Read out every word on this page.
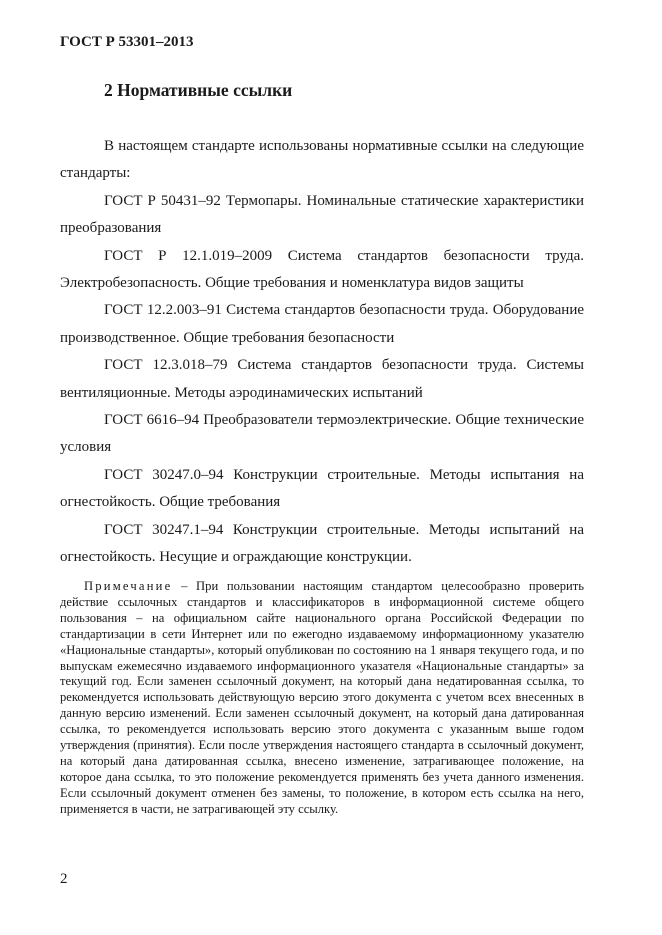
ГОСТ Р 53301–2013
2 Нормативные ссылки

В настоящем стандарте использованы нормативные ссылки на следующие стандарты:

ГОСТ Р 50431–92 Термопары. Номинальные статические характеристики преобразования

ГОСТ Р 12.1.019–2009 Система стандартов безопасности труда. Электробезопасность. Общие требования и номенклатура видов защиты

ГОСТ 12.2.003–91 Система стандартов безопасности труда. Оборудование производственное. Общие требования безопасности

ГОСТ 12.3.018–79 Система стандартов безопасности труда. Системы вентиляционные. Методы аэродинамических испытаний

ГОСТ 6616–94 Преобразователи термоэлектрические. Общие технические условия

ГОСТ 30247.0–94 Конструкции строительные. Методы испытания на огнестойкость. Общие требования

ГОСТ 30247.1–94 Конструкции строительные. Методы испытаний на огнестойкость. Несущие и ограждающие конструкции.

Примечание – При пользовании настоящим стандартом целесообразно проверить действие ссылочных стандартов и классификаторов в информационной системе общего пользования – на официальном сайте национального органа Российской Федерации по стандартизации в сети Интернет или по ежегодно издаваемому информационному указателю «Национальные стандарты», который опубликован по состоянию на 1 января текущего года, и по выпускам ежемесячно издаваемого информационного указателя «Национальные стандарты» за текущий год. Если заменен ссылочный документ, на который дана недатированная ссылка, то рекомендуется использовать действующую версию этого документа с учетом всех внесенных в данную версию изменений. Если заменен ссылочный документ, на который дана датированная ссылка, то рекомендуется использовать версию этого документа с указанным выше годом утверждения (принятия). Если после утверждения настоящего стандарта в ссылочный документ, на который дана датированная ссылка, внесено изменение, затрагивающее положение, на которое дана ссылка, то это положение рекомендуется применять без учета данного изменения. Если ссылочный документ отменен без замены, то положение, в котором есть ссылка на него, применяется в части, не затрагивающей эту ссылку.
2
